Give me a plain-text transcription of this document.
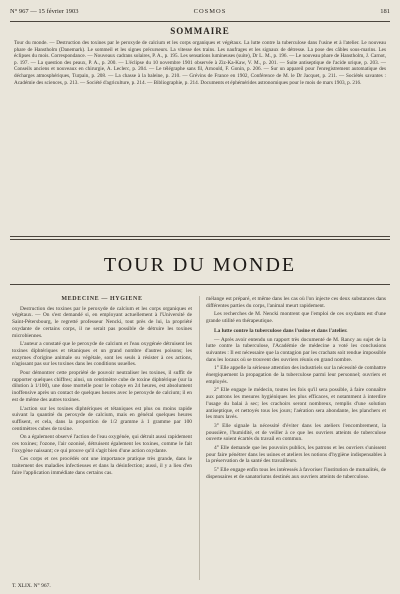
N° 967 — 15 février 1903	COSMOS	181
SOMMAIRE
Tour du monde. — Destruction des toxines par le peroxyde de calcium et les corps organiques et végétaux. La lutte contre la tuberculose dans l'usine et à l'atelier. Le nouveau phare de Hanstholm (Danemark). Le sommeil et les signes précurseurs. La vitesse des trains. Les naufrages et les signaux de détresse. La pose des câbles sous-marins. Les éclipses du mois. Correspondance. — Nouveaux cadrans solaires, P. A., p. 195. Les sensations lumineuses (suite), Dr L. M., p. 196. — Le nouveau phare de Hanstholm, J. Carnot, p. 197. — La question des peaux, P. A., p. 200. — L'éclipse du 10 novembre 1901 observée à Ziz-Ka-Kaw, V. M., p. 201. — Suite antiseptique de l'acide urique, p. 203. — Conseils anciens et nouveaux en chirurgie, A. Leclerc, p. 204. — Le télégraphe sans fil, Arnould, F. Gonin, p. 206. — Sur un appareil pour l'enregistrement automatique des décharges atmosphériques, Turpain, p. 208. — La chasse à la baleine, p. 210. — Grévins de France en 1902, Conférence de M. le Dr Jacquet, p. 211. — Sociétés savantes : Académie des sciences, p. 213. — Société d'agriculture, p. 214. — Bibliographie, p. 214. Documents et éphémérides astronomiques pour le mois de mars 1903, p. 216.
TOUR DU MONDE
MÉDECINE — HYGIÈNE

Destruction des toxines par le peroxyde de calcium et les corps organiques et végétaux. — On s'est demandé si, en employant actuellement à l'Université de Saint-Pétersbourg, le regretté professeur Nencki, tout près de lui, la propriété oxydante de certains corps, il ne serait pas possible de détruire les toxines microbiennes.

L'auteur a constaté que le peroxyde de calcium et l'eau oxygénée détruisent les toxines diphtériques et tétaniques et un grand nombre d'autres poisons; les enzymes d'origine animale ou végétale, sont les seuls à résister à ces actions, n'agissant pas sur les toxines dans les conditions usuelles.

Pour démontrer cette propriété de pouvoir neutraliser les toxines, il suffit de rapporter quelques chiffres; ainsi, un centimètre cube de toxine diphtérique (sur la dilution à 1/100), une dose mortelle pour le cobaye en 24 heures, est absolument inoffensive après un contact de quelques heures avec le peroxyde de calcium; il en est de même des autres toxines.

L'action sur les toxines diphtériques et tétaniques est plus ou moins rapide suivant la quantité du peroxyde de calcium, mais en général quelques heures suffisent, et cela, dans la proportion de 1/2 gramme à 1 gramme par 100 centimètres cubes de toxine.

On a également observé l'action de l'eau oxygénée, qui détruit aussi rapidement ces toxines; l'ozone, l'air ozonisé, détruisent également les toxines, comme le fait l'oxygène naissant; ce qui prouve qu'il s'agit bien d'une action oxydante.

Ces corps et ces procédés ont une importance pratique très grande, dans le traitement des maladies infectieuses et dans la désinfection; aussi, il y a lieu d'en faire l'application immédiate dans certains cas.

mélange est préparé, et même dans les cas où l'on injecte ces deux substances dans différentes parties du corps, l'animal meurt rapidement.

Les recherches de M. Nencki montrent que l'emploi de ces oxydants est d'une grande utilité en thérapeutique.

La lutte contre la tuberculose dans l'usine et dans l'atelier.

— Après avoir entendu un rapport très documenté de M. Rancy au sujet de la lutte contre la tuberculose, l'Académie de médecine a voté les conclusions suivantes : Il est nécessaire que la contagion par les crachats soit rendue impossible dans les locaux où se trouvent des ouvriers réunis en grand nombre.

1° Elle appelle la sérieuse attention des industriels sur la nécessité de combattre énergiquement la propagation de la tuberculose parmi leur personnel; ouvriers et employés.

2° Elle engage le médecin, toutes les fois qu'il sera possible, à faire connaître aux patrons les mesures hygiéniques les plus efficaces, et notamment à interdire l'usage du balai à sec; les crachoirs seront nombreux, remplis d'une solution antiseptique, et nettoyés tous les jours; l'aération sera abondante, les planchers et les murs lavés.

3° Elle signale la nécessité d'éviter dans les ateliers l'encombrement, la poussière, l'humidité, et de veiller à ce que les ouvriers atteints de tuberculose ouverte soient écartés du travail en commun.

4° Elle demande que les pouvoirs publics, les patrons et les ouvriers s'unissent pour faire pénétrer dans les usines et ateliers les notions d'hygiène indispensables à la préservation de la santé des travailleurs.

5° Elle engage enfin tous les intéressés à favoriser l'institution de mutualités, de dispensaires et de sanatoriums destinés aux ouvriers atteints de tuberculose.

T. XLIX. N° 967.
